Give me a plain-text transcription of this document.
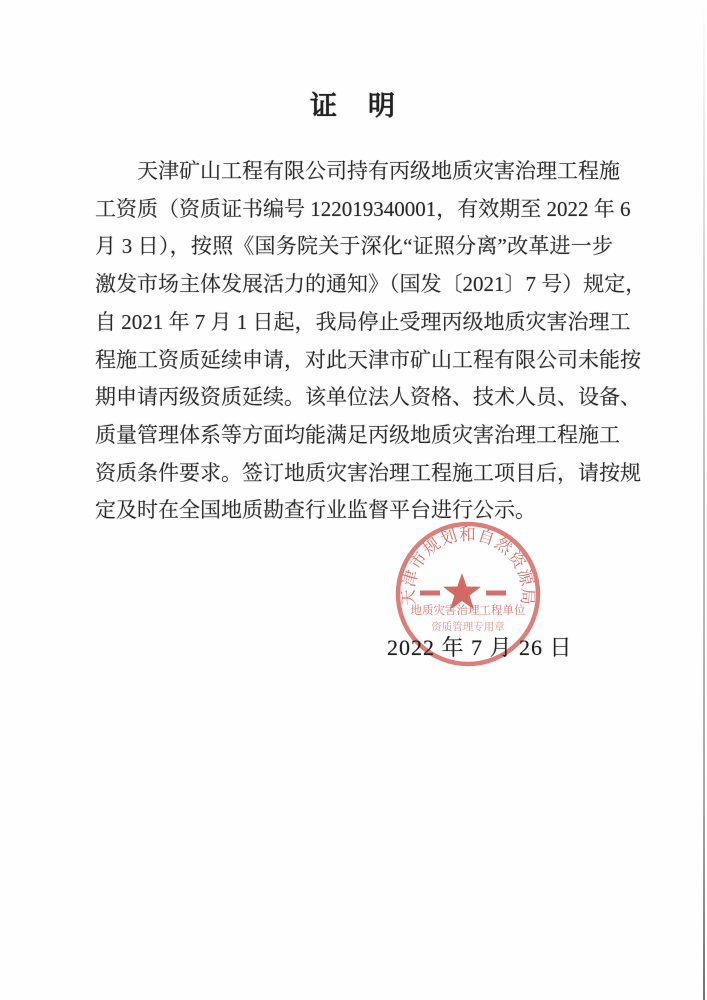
证　明
天津矿山工程有限公司持有丙级地质灾害治理工程施
工资质（资质证书编号 122019340001，有效期至 2022 年 6
月 3 日），按照《国务院关于深化“证照分离”改革进一步
激发市场主体发展活力的通知》（国发〔2021〕7 号）规定，
自 2021 年 7 月 1 日起，我局停止受理丙级地质灾害治理工
程施工资质延续申请，对此天津市矿山工程有限公司未能按
期申请丙级资质延续。该单位法人资格、技术人员、设备、
质量管理体系等方面均能满足丙级地质灾害治理工程施工
资质条件要求。签订地质灾害治理工程施工项目后，请按规
定及时在全国地质勘查行业监督平台进行公示。
天津市规划和自然资源局
地质灾害治理工程单位
资质管理专用章
2022 年 7 月 26 日
